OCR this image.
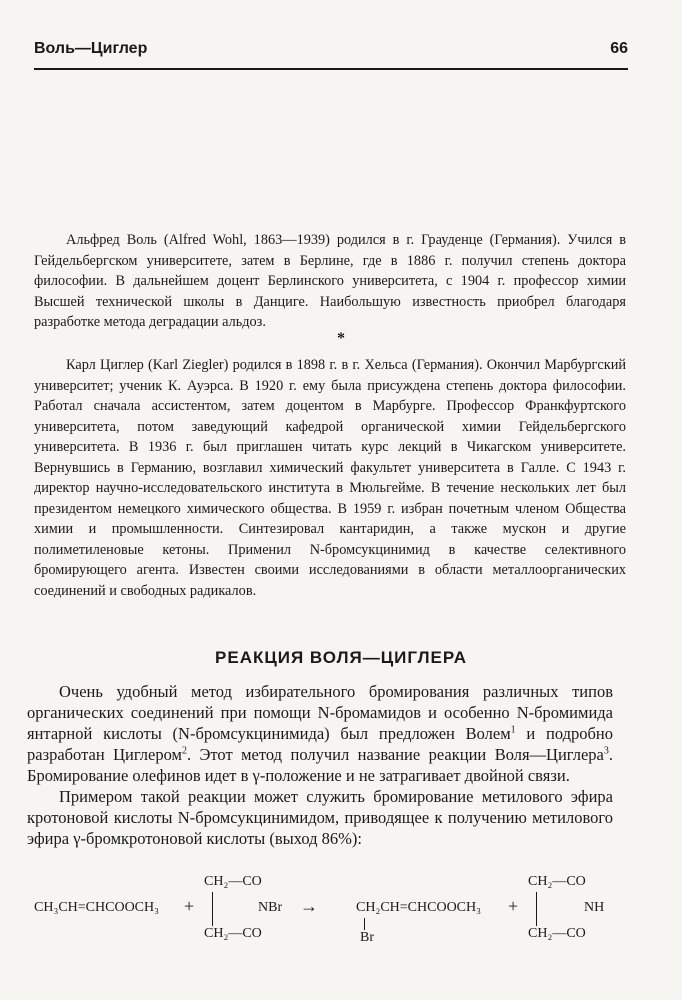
Воль—Циглер	66

Альфред Воль (Alfred Wohl, 1863—1939) родился в г. Грауденце (Германия). Учился в Гейдельбергском университете, затем в Берлине, где в 1886 г. получил степень доктора философии. В дальнейшем доцент Берлинского университета, с 1904 г. профессор химии Высшей технической школы в Данциге. Наибольшую известность приобрел благодаря разработке метода деградации альдоз.

*

Карл Циглер (Karl Ziegler) родился в 1898 г. в г. Хельса (Германия). Окончил Марбургский университет; ученик К. Ауэрса. В 1920 г. ему была присуждена степень доктора философии. Работал сначала ассистентом, затем доцентом в Марбурге. Профессор Франкфуртского университета, потом заведующий кафедрой органической химии Гейдельбергского университета. В 1936 г. был приглашен читать курс лекций в Чикагском университете. Вернувшись в Германию, возглавил химический факультет университета в Галле. С 1943 г. директор научно-исследовательского института в Мюльгейме. В течение нескольких лет был президентом немецкого химического общества. В 1959 г. избран почетным членом Общества химии и промышленности. Синтезировал кантаридин, а также мускон и другие полиметиленовые кетоны. Применил N-бромсукцинимид в качестве селективного бромирующего агента. Известен своими исследованиями в области металлоорганических соединений и свободных радикалов.

РЕАКЦИЯ ВОЛЯ—ЦИГЛЕРА

Очень удобный метод избирательного бромирования различных типов органических соединений при помощи N-бромамидов и особенно N-бромимида янтарной кислоты (N-бромсукцинимида) был предложен Волем$^1$ и подробно разработан Циглером$^2$. Этот метод получил название реакции Воля—Циглера$^3$. Бромирование олефинов идет в γ-положение и не затрагивает двойной связи.

Примером такой реакции может служить бромирование метилового эфира кротоновой кислоты N-бромсукцинимидом, приводящее к получению метилового эфира γ-бромкротоновой кислоты (выход 86%):

CH₃CH=CHCOOCH₃ +
CH₂—CO
NBr
CH₂—CO
→	CH₂CH=CHCOOCH₃
Br
+
CH₂—CO
NH
CH₂—CO
